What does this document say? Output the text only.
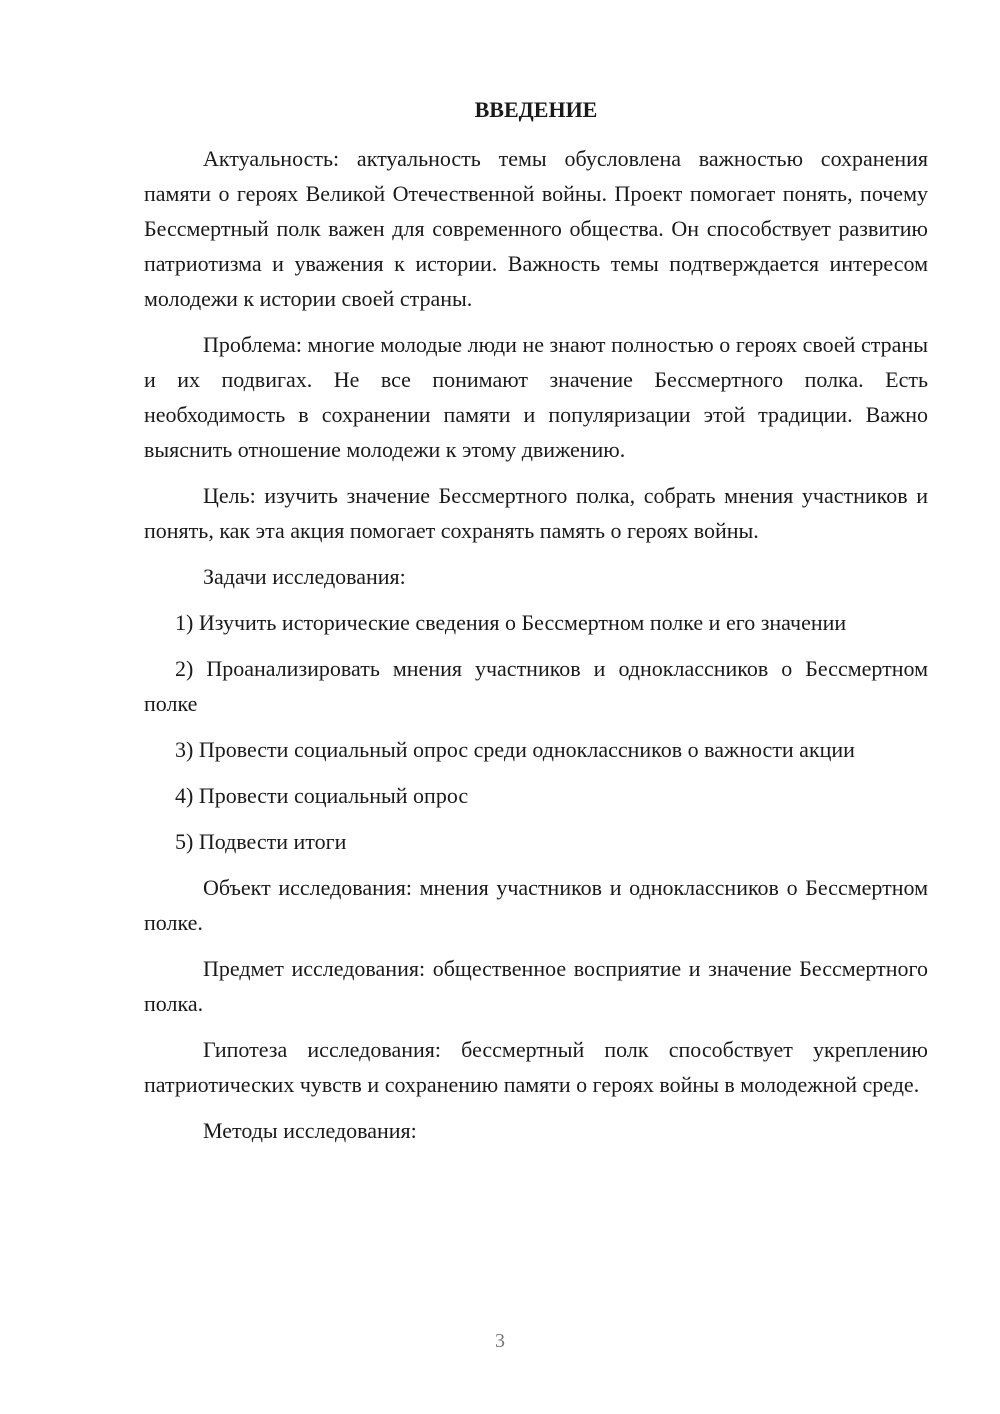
ВВЕДЕНИЕ

Актуальность: актуальность темы обусловлена важностью сохранения памяти о героях Великой Отечественной войны. Проект помогает понять, почему Бессмертный полк важен для современного общества. Он способствует развитию патриотизма и уважения к истории. Важность темы подтверждается интересом молодежи к истории своей страны.

Проблема: многие молодые люди не знают полностью о героях своей страны и их подвигах. Не все понимают значение Бессмертного полка. Есть необходимость в сохранении памяти и популяризации этой традиции. Важно выяснить отношение молодежи к этому движению.

Цель: изучить значение Бессмертного полка, собрать мнения участников и понять, как эта акция помогает сохранять память о героях войны.

Задачи исследования:

1) Изучить исторические сведения о Бессмертном полке и его значении

2) Проанализировать мнения участников и одноклассников о Бессмертном полке

3) Провести социальный опрос среди одноклассников о важности акции

4) Провести социальный опрос

5) Подвести итоги

Объект исследования: мнения участников и одноклассников о Бессмертном полке.

Предмет исследования: общественное восприятие и значение Бессмертного полка.

Гипотеза исследования: бессмертный полк способствует укреплению патриотических чувств и сохранению памяти о героях войны в молодежной среде.

Методы исследования:

3
